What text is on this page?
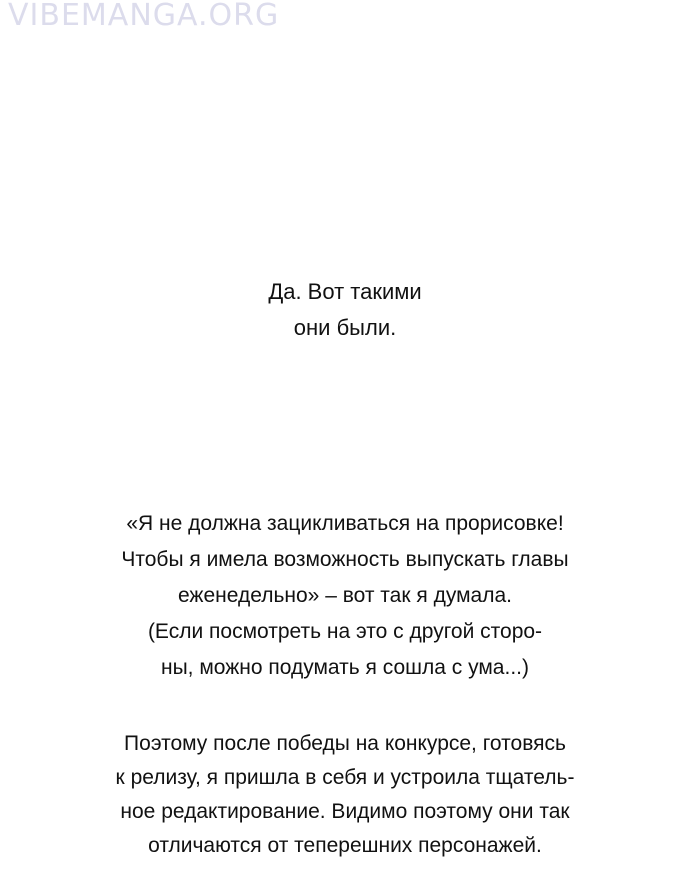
VIBEMANGA.ORG
Да. Вот такими
они были.
«Я не должна зацикливаться на прорисовке!
Чтобы я имела возможность выпускать главы
еженедельно» – вот так я думала.
(Если посмотреть на это с другой сторо-
ны, можно подумать я сошла с ума...)
Поэтому после победы на конкурсе, готовясь
к релизу, я пришла в себя и устроила тщатель-
ное редактирование. Видимо поэтому они так
отличаются от теперешних персонажей.
